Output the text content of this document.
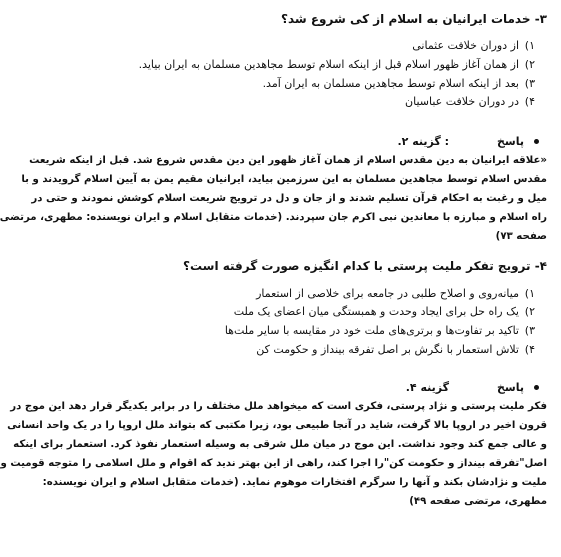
۳- خدمات ایرانیان به اسلام از کی شروع شد؟
۱)
از دوران خلافت عثمانی
۲)
از همان آغاز ظهور اسلام قبل از اینکه اسلام توسط مجاهدین مسلمان به ایران بیاید.
۳)
بعد از اینکه اسلام توسط مجاهدین مسلمان به ایران آمد.
۴)
در دوران خلافت عباسیان
پاسخ
: گزینه ۲.
«علاقه ایرانیان به دین مقدس اسلام از همان آغاز ظهور این دین مقدس شروع شد. قبل از اینکه شریعت
مقدس اسلام توسط مجاهدین مسلمان به این سرزمین بیاید، ایرانیان مقیم یمن به آیین اسلام گرویدند و با
میل و رغبت به احکام قرآن تسلیم شدند و از جان و دل در ترویج شریعت اسلام کوشش نمودند و حتی در
راه اسلام و مبارزه با معاندین نبی اکرم جان سپردند. (خدمات متقابل اسلام و ایران نویسنده: مطهری، مرتضی
صفحه ۷۳)
۴- ترویج تفکر ملیت پرستی با کدام انگیزه صورت گرفته است؟
۱)
میانه‌روی و اصلاح طلبی در جامعه برای خلاصی از استعمار
۲)
یک راه حل برای ایجاد وحدت و همبستگی میان اعضای یک ملت
۳)
تاکید بر تفاوت‌ها و برتری‌های ملت خود در مقایسه با سایر ملت‌ها
۴)
تلاش استعمار با نگرش بر اصل تفرقه بینداز و حکومت کن
پاسخ
گزینه ۴.
فکر ملیت پرستی و نژاد پرستی، فکری است که میخواهد ملل مختلف را در برابر یکدیگر قرار دهد این موج در
قرون اخیر در اروپا بالا گرفت، شاید در آنجا طبیعی بود، زیرا مکتبی که بتواند ملل اروپا را در یک واحد انسانی
و عالی جمع کند وجود نداشت. این موج در میان ملل شرقی به وسیله استعمار نفوذ کرد. استعمار برای اینکه
اصل"تفرقه بینداز و حکومت کن"را اجرا کند، راهی از این بهتر ندید که اقوام و ملل اسلامی را متوجه قومیت و
ملیت و نژادشان بکند و آنها را سرگرم افتخارات موهوم نماید. (خدمات متقابل اسلام و ایران نویسنده:
مطهری، مرتضی صفحه ۴۹)
